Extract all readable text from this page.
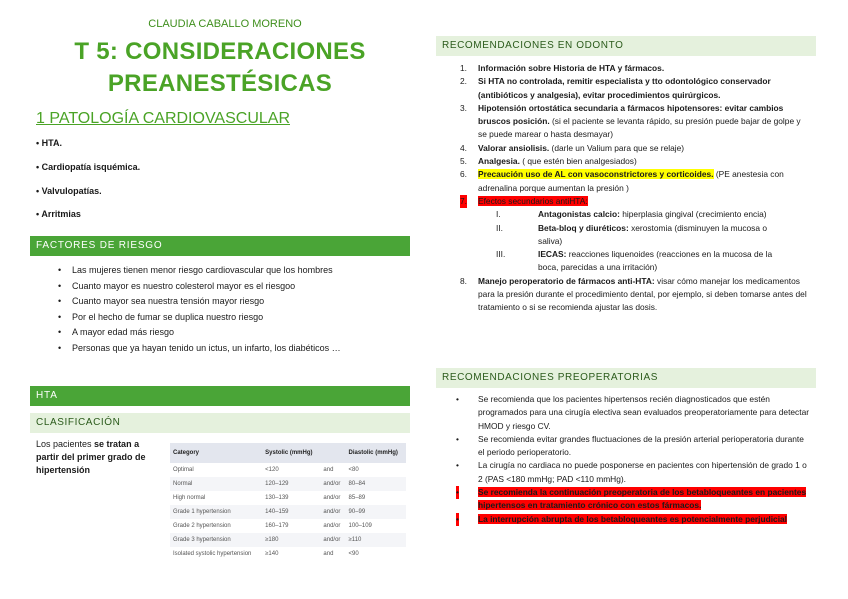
CLAUDIA CABALLO MORENO
T 5: CONSIDERACIONES
PREANESTÉSICAS
1 PATOLOGÍA CARDIOVASCULAR
• HTA.
• Cardiopatía isquémica.
• Valvulopatías.
• Arritmias
FACTORES DE RIESGO
• Las mujeres tienen menor riesgo cardiovascular que los hombres
• Cuanto mayor es nuestro colesterol mayor es el riesgoo
• Cuanto mayor sea nuestra tensión mayor riesgo
• Por el hecho de fumar se duplica nuestro riesgo
• A mayor edad más riesgo
• Personas que ya hayan tenido un ictus, un infarto, los diabéticos …
HTA
CLASIFICACIÓN
Los pacientes se tratan a partir del primer grado de hipertensión
Category	Systolic (mmHg)		Diastolic (mmHg)
Optimal	<120	and	<80
Normal	120–129	and/or	80–84
High normal	130–139	and/or	85–89
Grade 1 hypertension	140–159	and/or	90–99
Grade 2 hypertension	160–179	and/or	100–109
Grade 3 hypertension	≥180	and/or	≥110
Isolated systolic hypertension	≥140	and	<90
RECOMENDACIONES EN ODONTO
1. Información sobre Historia de HTA y fármacos.
2. Si HTA no controlada, remitir especialista y tto odontológico conservador (antibióticos y analgesia), evitar procedimientos quirúrgicos.
3. Hipotensión ortostática secundaria a fármacos hipotensores: evitar cambios bruscos posición. (si el paciente se levanta rápido, su presión puede bajar de golpe y se puede marear o hasta desmayar)
4. Valorar ansiolisis. (darle un Valium para que se relaje)
5. Analgesia. ( que estén bien analgesiados)
6. Precaución uso de AL con vasoconstrictores y corticoides. (PE anestesia con adrenalina porque aumentan la presión )
7. Efectos secundarios antiHTA:
I.	Antagonistas calcio: hiperplasia gingival (crecimiento encia)
II.	Beta-bloq y diuréticos: xerostomia (disminuyen la mucosa o saliva)
III.	IECAS: reacciones liquenoides (reacciones en la mucosa de la boca, parecidas a una irritación)
8. Manejo peroperatorio de fármacos anti-HTA: visar cómo manejar los medicamentos para la presión durante el procedimiento dental, por ejemplo, si deben tomarse antes del tratamiento o si se recomienda ajustar las dosis.
RECOMENDACIONES PREOPERATORIAS
• Se recomienda que los pacientes hipertensos recién diagnosticados que estén programados para una cirugía electiva sean evaluados preoperatoriamente para detectar HMOD y riesgo CV.
• Se recomienda evitar grandes fluctuaciones de la presión arterial perioperatoria durante el periodo perioperatorio.
• La cirugía no cardiaca no puede posponerse en pacientes con hipertensión de grado 1 o 2 (PAS <180 mmHg; PAD <110 mmHg).
• Se recomienda la continuación preoperatoria de los betabloqueantes en pacientes hipertensos en tratamiento crónico con estos fármacos.
• La interrupción abrupta de los betabloqueantes es potencialmente perjudicial
